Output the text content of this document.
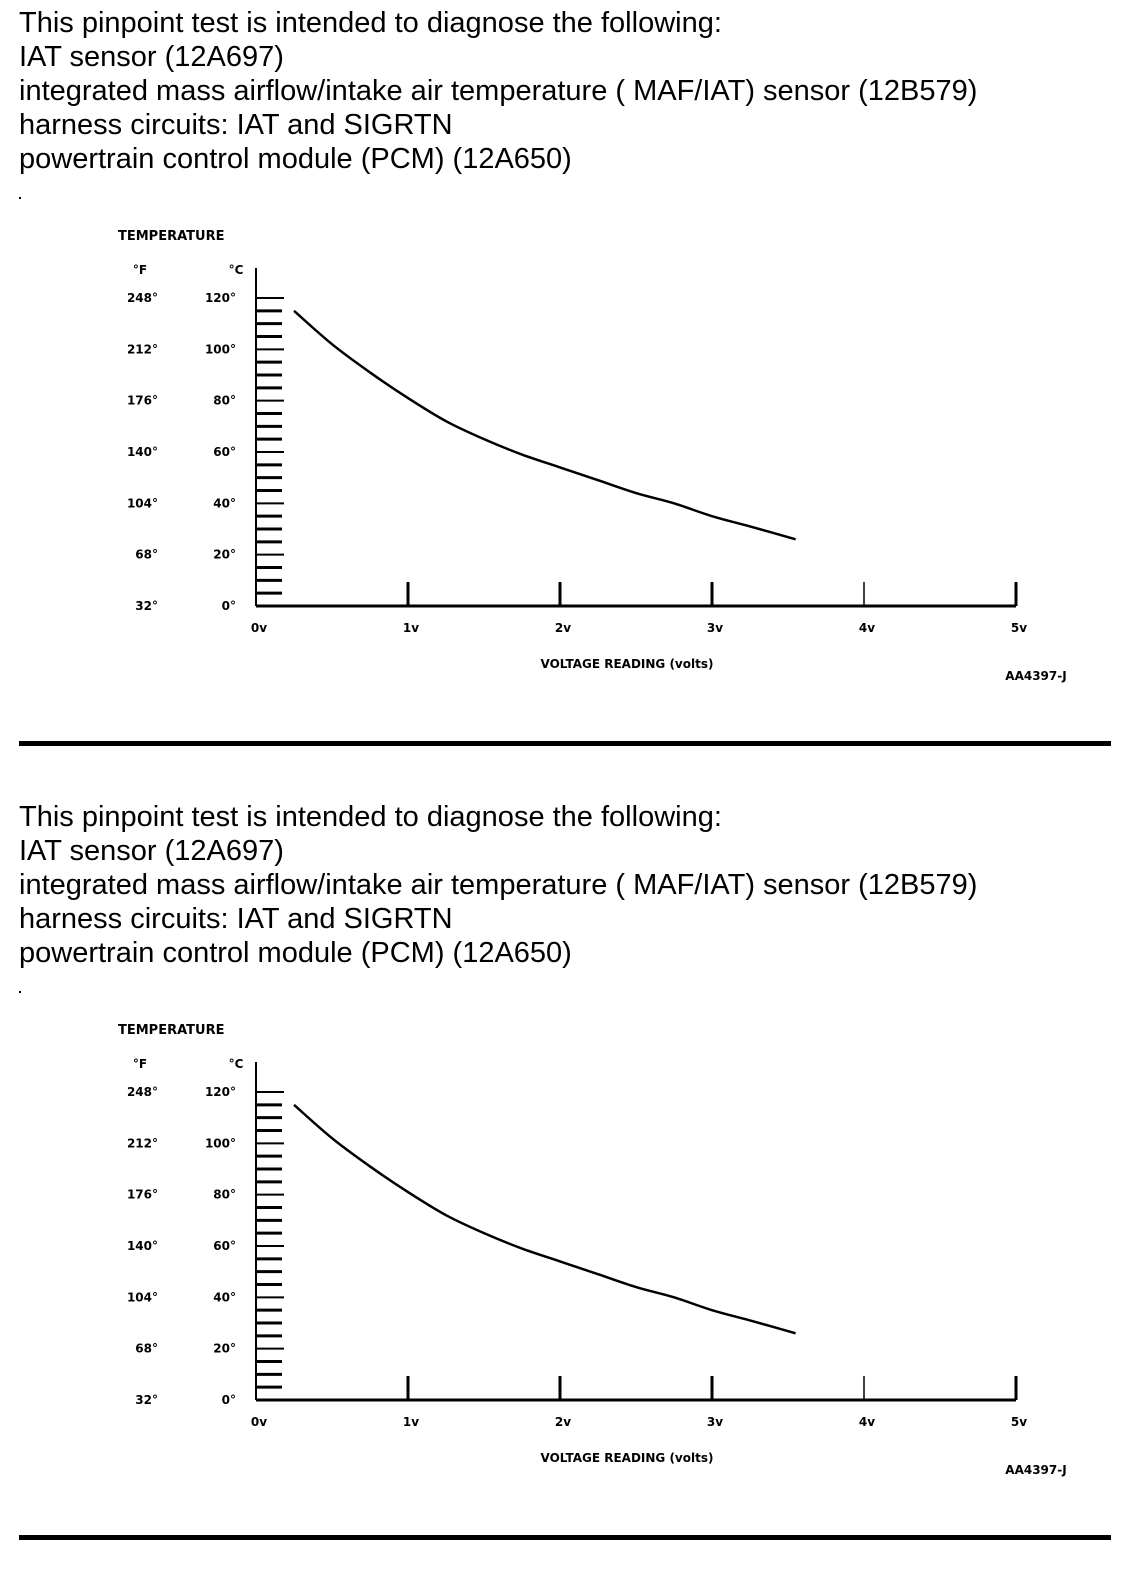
This pinpoint test is intended to diagnose the following:
IAT sensor (12A697)
integrated mass airflow/intake air temperature ( MAF/IAT) sensor (12B579)
harness circuits: IAT and SIGRTN
powertrain control module (PCM) (12A650)
TEMPERATURE
°F	°C
VOLTAGE READING (volts)
AA4397-J
0°
32°
20°
68°
40°
104°
60°
140°
80°
176°
100°
212°
120°
248°
0v	1v	2v	3v	4v	5v
This pinpoint test is intended to diagnose the following:
IAT sensor (12A697)
integrated mass airflow/intake air temperature ( MAF/IAT) sensor (12B579)
harness circuits: IAT and SIGRTN
powertrain control module (PCM) (12A650)
TEMPERATURE
°F	°C
VOLTAGE READING (volts)
AA4397-J
0°
32°
20°
68°
40°
104°
60°
140°
80°
176°
100°
212°
120°
248°
0v	1v	2v	3v	4v	5v
